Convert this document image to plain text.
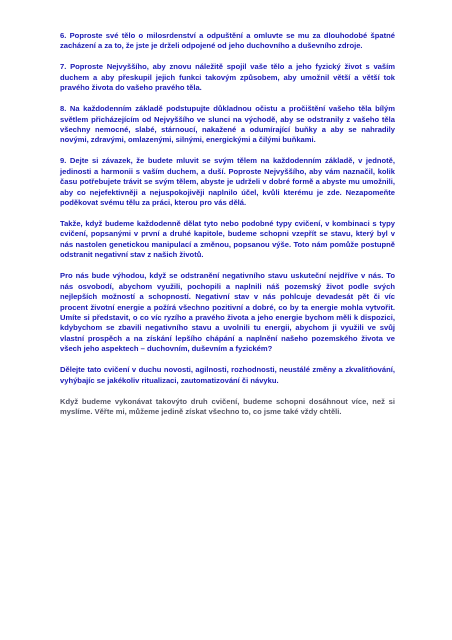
6. Poproste své tělo o milosrdenství a odpuštění a omluvte se mu za dlouhodobé špatné zacházení a za to, že jste je drželi odpojené od jeho duchovního a duševního zdroje.

7. Poproste Nejvyššího, aby znovu náležitě spojil vaše tělo a jeho fyzický život s vaším duchem a aby přeskupil jejich funkci takovým způsobem, aby umožnil větší a větší tok pravého života do vašeho pravého těla.

8. Na každodenním základě podstupujte důkladnou očistu a pročištění vašeho těla bílým světlem přicházejícím od Nejvyššího ve slunci na východě, aby se odstranily z vašeho těla všechny nemocné, slabé, stárnoucí, nakažené a odumírající buňky a aby se nahradily novými, zdravými, omlazenými, silnými, energickými a čilými buňkami.

9. Dejte si závazek, že budete mluvit se svým tělem na každodenním základě, v jednotě, jedinosti a harmonii s vaším duchem, a duší. Poproste Nejvyššího, aby vám naznačil, kolik času potřebujete trávit se svým tělem, abyste je udrželi v dobré formě a abyste mu umožnili, aby co nejefektivněji a nejuspokojivěji naplnilo účel, kvůli kterému je zde. Nezapomeňte poděkovat svému tělu za práci, kterou pro vás dělá.

Takže, když budeme každodenně dělat tyto nebo podobné typy cvičení, v kombinaci s typy cvičení, popsanými v první a druhé kapitole, budeme schopni vzepřít se stavu, který byl v nás nastolen genetickou manipulací a změnou, popsanou výše. Toto nám pomůže postupně odstranit negativní stav z našich životů.

Pro nás bude výhodou, když se odstranění negativního stavu uskuteční nejdříve v nás. To nás osvobodí, abychom využili, pochopili a naplnili náš pozemský život podle svých nejlepších možností a schopností. Negativní stav v nás pohlcuje devadesát pět či víc procent životní energie a požírá všechno pozitivní a dobré, co by ta energie mohla vytvořit. Umíte si představit, o co víc ryzího a pravého života a jeho energie bychom měli k dispozici, kdybychom se zbavili negativního stavu a uvolnili tu energii, abychom ji využili ve svůj vlastní prospěch a na získání lepšího chápání a naplnění našeho pozemského života ve všech jeho aspektech – duchovním, duševním a fyzickém?

Dělejte tato cvičení v duchu novosti, agilnosti, rozhodnosti, neustálé změny a zkvalitňování, vyhýbajíc se jakékoliv ritualizaci, zautomatizování či návyku.

Když budeme vykonávat takovýto druh cvičení, budeme schopni dosáhnout více, než si myslíme. Věřte mi, můžeme jedině získat všechno to, co jsme také vždy chtěli.
